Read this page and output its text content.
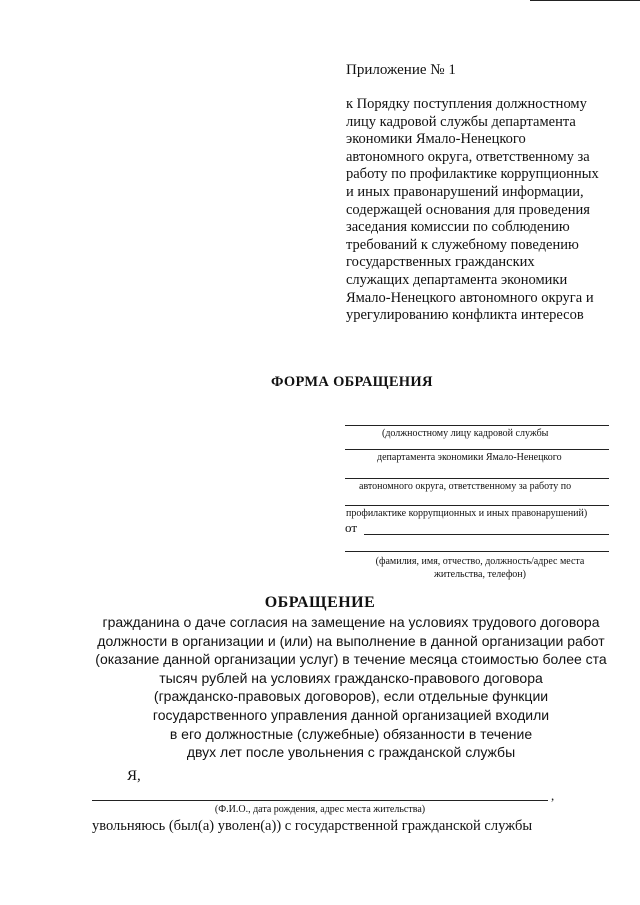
Приложение № 1
к Порядку поступления должностному
лицу кадровой службы департамента
экономики Ямало-Ненецкого
автономного округа, ответственному за
работу по профилактике коррупционных
и иных правонарушений информации,
содержащей основания для проведения
заседания комиссии по соблюдению
требований к служебному поведению
государственных гражданских
служащих департамента экономики
Ямало-Ненецкого автономного округа и
урегулированию конфликта интересов
ФОРМА ОБРАЩЕНИЯ
(должностному лицу кадровой службы
департамента экономики Ямало-Ненецкого
автономного округа, ответственному за работу по
профилактике коррупционных и иных правонарушений)
от
(фамилия, имя, отчество, должность/адрес места жительства, телефон)
ОБРАЩЕНИЕ
гражданина о даче согласия на замещение на условиях трудового договора
должности в организации и (или) на выполнение в данной организации работ
(оказание данной организации услуг) в течение месяца стоимостью более ста
тысяч рублей на условиях гражданско-правового договора
(гражданско-правовых договоров), если отдельные функции
государственного управления данной организацией входили
в его должностные (служебные) обязанности в течение
двух лет после увольнения с гражданской службы
Я,
,
(Ф.И.О., дата рождения, адрес места жительства)
увольняюсь (был(а) уволен(а)) с государственной гражданской службы
